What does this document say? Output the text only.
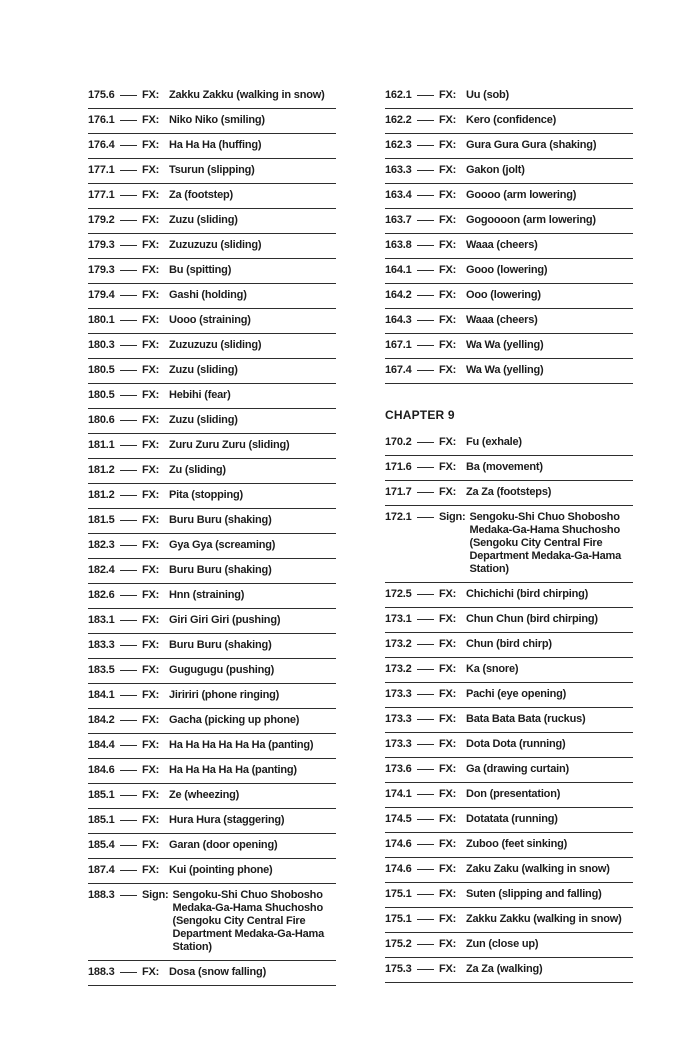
175.6	FX: Zakku Zakku (walking in snow)
176.1	FX: Niko Niko (smiling)
176.4	FX: Ha Ha Ha (huffing)
177.1	FX: Tsurun (slipping)
177.1	FX: Za (footstep)
179.2	FX: Zuzu (sliding)
179.3	FX: Zuzuzuzu (sliding)
179.3	FX: Bu (spitting)
179.4	FX: Gashi (holding)
180.1	FX: Uooo (straining)
180.3	FX: Zuzuzuzu (sliding)
180.5	FX: Zuzu (sliding)
180.5	FX: Hebihi (fear)
180.6	FX: Zuzu (sliding)
181.1	FX: Zuru Zuru Zuru (sliding)
181.2	FX: Zu (sliding)
181.2	FX: Pita (stopping)
181.5	FX: Buru Buru (shaking)
182.3	FX: Gya Gya (screaming)
182.4	FX: Buru Buru (shaking)
182.6	FX: Hnn (straining)
183.1	FX: Giri Giri Giri (pushing)
183.3	FX: Buru Buru (shaking)
183.5	FX: Gugugugu (pushing)
184.1	FX: Jiririri (phone ringing)
184.2	FX: Gacha (picking up phone)
184.4	FX: Ha Ha Ha Ha Ha Ha (panting)
184.6	FX: Ha Ha Ha Ha Ha (panting)
185.1	FX: Ze (wheezing)
185.1	FX: Hura Hura (staggering)
185.4	FX: Garan (door opening)
187.4	FX: Kui (pointing phone)
188.3	Sign: Sengoku-Shi Chuo Shobosho Medaka-Ga-Hama Shuchosho (Sengoku City Central Fire Department Medaka-Ga-Hama Station)
188.3	FX: Dosa (snow falling)
162.1	FX: Uu (sob)
162.2	FX: Kero (confidence)
162.3	FX: Gura Gura Gura (shaking)
163.3	FX: Gakon (jolt)
163.4	FX: Goooo (arm lowering)
163.7	FX: Gogoooon (arm lowering)
163.8	FX: Waaa (cheers)
164.1	FX: Gooo (lowering)
164.2	FX: Ooo (lowering)
164.3	FX: Waaa (cheers)
167.1	FX: Wa Wa (yelling)
167.4	FX: Wa Wa (yelling)
CHAPTER 9
170.2	FX: Fu (exhale)
171.6	FX: Ba (movement)
171.7	FX: Za Za (footsteps)
172.1	Sign: Sengoku-Shi Chuo Shobosho Medaka-Ga-Hama Shuchosho (Sengoku City Central Fire Department Medaka-Ga-Hama Station)
172.5	FX: Chichichi (bird chirping)
173.1	FX: Chun Chun (bird chirping)
173.2	FX: Chun (bird chirp)
173.2	FX: Ka (snore)
173.3	FX: Pachi (eye opening)
173.3	FX: Bata Bata Bata (ruckus)
173.3	FX: Dota Dota (running)
173.6	FX: Ga (drawing curtain)
174.1	FX: Don (presentation)
174.5	FX: Dotatata (running)
174.6	FX: Zuboo (feet sinking)
174.6	FX: Zaku Zaku (walking in snow)
175.1	FX: Suten (slipping and falling)
175.1	FX: Zakku Zakku (walking in snow)
175.2	FX: Zun (close up)
175.3	FX: Za Za (walking)
